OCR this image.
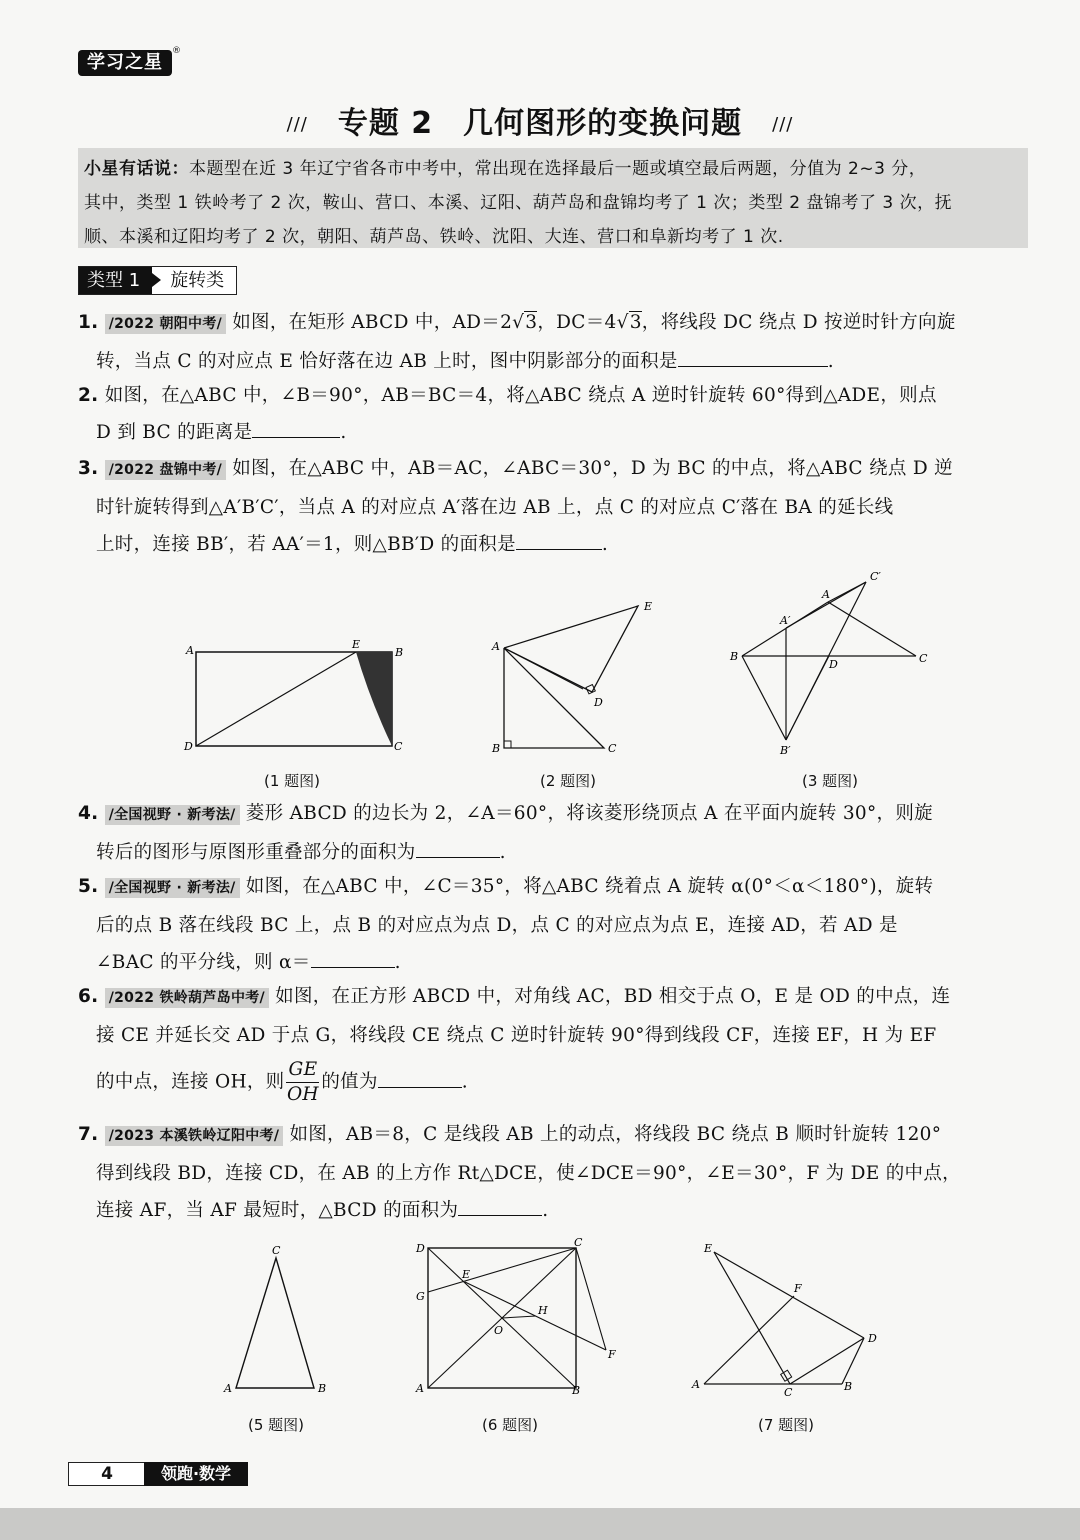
学习之星
®
/// 专题 2 几何图形的变换问题 ///
小星有话说：本题型在近 3 年辽宁省各市中考中，常出现在选择最后一题或填空最后两题，分值为 2~3 分，
其中，类型 1 铁岭考了 2 次，鞍山、营口、本溪、辽阳、葫芦岛和盘锦均考了 1 次；类型 2 盘锦考了 3 次，抚
顺、本溪和辽阳均考了 2 次，朝阳、葫芦岛、铁岭、沈阳、大连、营口和阜新均考了 1 次.
类型 1	旋转类
1. /2022 朝阳中考/ 如图，在矩形 ABCD 中，AD＝2√3，DC＝4√3，将线段 DC 绕点 D 按逆时针方向旋
转，当点 C 的对应点 E 恰好落在边 AB 上时，图中阴影部分的面积是	.
2. 如图，在△ABC 中，∠B＝90°，AB＝BC＝4，将△ABC 绕点 A 逆时针旋转 60°得到△ADE，则点
D 到 BC 的距离是	.
3. /2022 盘锦中考/ 如图，在△ABC 中，AB＝AC，∠ABC＝30°，D 为 BC 的中点，将△ABC 绕点 D 逆
时针旋转得到△A′B′C′，当点 A 的对应点 A′落在边 AB 上，点 C 的对应点 C′落在 BA 的延长线
上时，连接 BB′，若 AA′＝1，则△BB′D 的面积是	.
A	E
B
D	C
(1 题图)
A
E
D
B	C
(2 题图)
C′
A
A′
B
D	C
B′
(3 题图)
4. /全国视野 · 新考法/ 菱形 ABCD 的边长为 2，∠A＝60°，将该菱形绕顶点 A 在平面内旋转 30°，则旋
转后的图形与原图形重叠部分的面积为	.
5. /全国视野 · 新考法/ 如图，在△ABC 中，∠C＝35°，将△ABC 绕着点 A 旋转 α(0°＜α＜180°)，旋转
后的点 B 落在线段 BC 上，点 B 的对应点为点 D，点 C 的对应点为点 E，连接 AD，若 AD 是
∠BAC 的平分线，则 α＝	.
6. /2022 铁岭葫芦岛中考/ 如图，在正方形 ABCD 中，对角线 AC，BD 相交于点 O，E 是 OD 的中点，连
接 CE 并延长交 AD 于点 G，将线段 CE 绕点 C 逆时针旋转 90°得到线段 CF，连接 EF，H 为 EF
的中点，连接 OH，则 $\frac{GE}{OH}$ 的值为	.
7. /2023 本溪铁岭辽阳中考/ 如图，AB＝8，C 是线段 AB 上的动点，将线段 BC 绕点 B 顺时针旋转 120°
得到线段 BD，连接 CD，在 AB 的上方作 Rt△DCE，使∠DCE＝90°，∠E＝30°，F 为 DE 的中点，
连接 AF，当 AF 最短时，△BCD 的面积为	.
C
A	B
(5 题图)
D	C
G
E
H
O
F
A	B
(6 题图)
E
F
D
A
C	B
(7 题图)
4	领跑·数学
